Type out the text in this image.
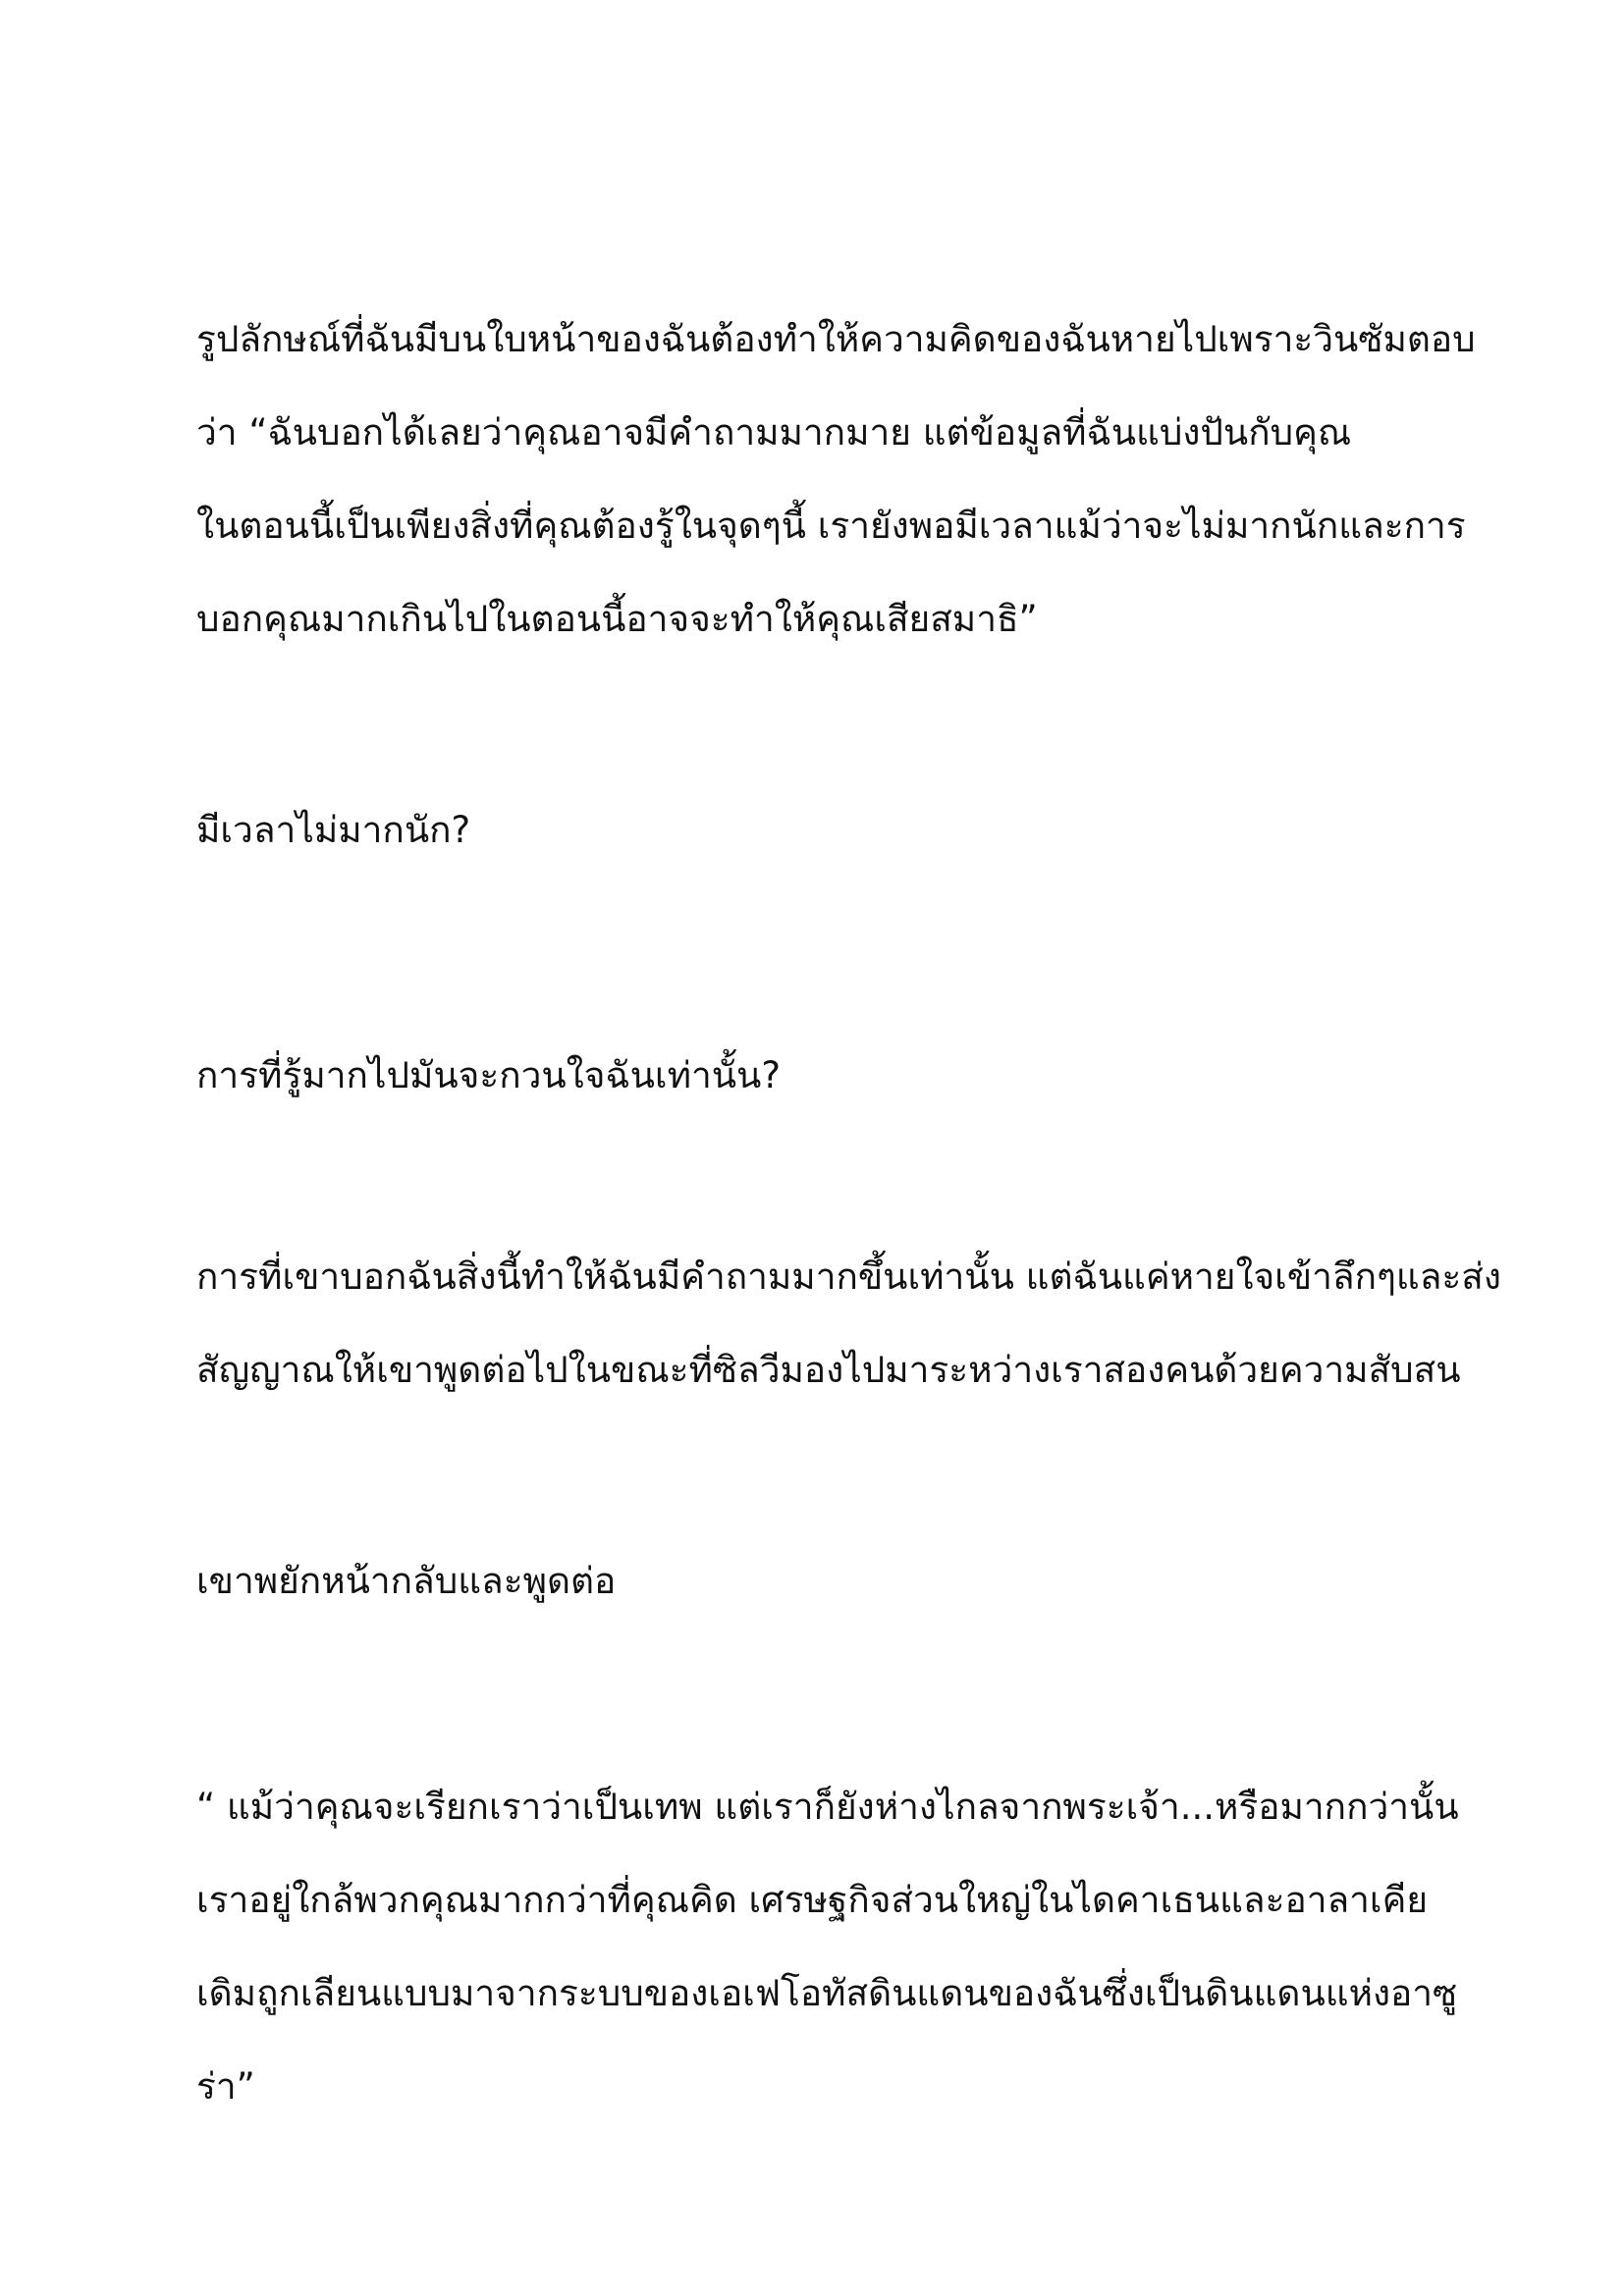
รูปลักษณ์ที่ฉันมีบนใบหน้าของฉันต้องทำให้ความคิดของฉันหายไปเพราะวินซัมตอบ
ว่า “ฉันบอกได้เลยว่าคุณอาจมีคำถามมากมาย แต่ข้อมูลที่ฉันแบ่งปันกับคุณ
ในตอนนี้เป็นเพียงสิ่งที่คุณต้องรู้ในจุดๆนี้ เรายังพอมีเวลาแม้ว่าจะไม่มากนักและการ
บอกคุณมากเกินไปในตอนนี้อาจจะทำให้คุณเสียสมาธิ”
มีเวลาไม่มากนัก?
การที่รู้มากไปมันจะกวนใจฉันเท่านั้น?
การที่เขาบอกฉันสิ่งนี้ทำให้ฉันมีคำถามมากขึ้นเท่านั้น แต่ฉันแค่หายใจเข้าลึกๆและส่ง
สัญญาณให้เขาพูดต่อไปในขณะที่ซิลวีมองไปมาระหว่างเราสองคนด้วยความสับสน
เขาพยักหน้ากลับและพูดต่อ
“ แม้ว่าคุณจะเรียกเราว่าเป็นเทพ แต่เราก็ยังห่างไกลจากพระเจ้า...หรือมากกว่านั้น
เราอยู่ใกล้พวกคุณมากกว่าที่คุณคิด เศรษฐกิจส่วนใหญ่ในไดคาเธนและอาลาเคีย
เดิมถูกเลียนแบบมาจากระบบของเอเฟโอทัสดินแดนของฉันซึ่งเป็นดินแดนแห่งอาซู
ร่า”
